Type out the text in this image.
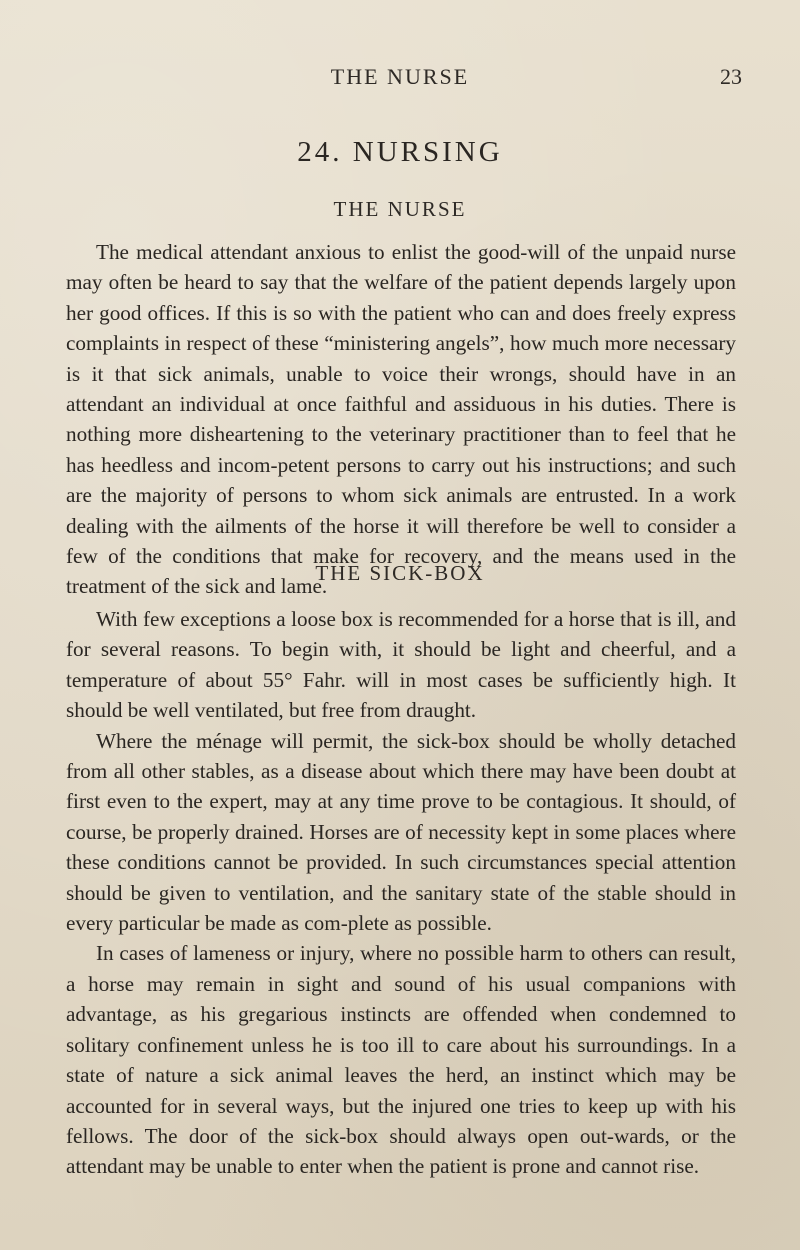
THE NURSE	23
24. NURSING
THE NURSE

The medical attendant anxious to enlist the good-will of the unpaid nurse may often be heard to say that the welfare of the patient depends largely upon her good offices. If this is so with the patient who can and does freely express complaints in respect of these “ministering angels”, how much more necessary is it that sick animals, unable to voice their wrongs, should have in an attendant an individual at once faithful and assiduous in his duties. There is nothing more disheartening to the veterinary practitioner than to feel that he has heedless and incom-petent persons to carry out his instructions; and such are the majority of persons to whom sick animals are entrusted. In a work dealing with the ailments of the horse it will therefore be well to consider a few of the conditions that make for recovery, and the means used in the treatment of the sick and lame.

THE SICK-BOX

With few exceptions a loose box is recommended for a horse that is ill, and for several reasons. To begin with, it should be light and cheerful, and a temperature of about 55° Fahr. will in most cases be sufficiently high. It should be well ventilated, but free from draught.

Where the ménage will permit, the sick-box should be wholly detached from all other stables, as a disease about which there may have been doubt at first even to the expert, may at any time prove to be contagious. It should, of course, be properly drained. Horses are of necessity kept in some places where these conditions cannot be provided. In such circumstances special attention should be given to ventilation, and the sanitary state of the stable should in every particular be made as com-plete as possible.

In cases of lameness or injury, where no possible harm to others can result, a horse may remain in sight and sound of his usual companions with advantage, as his gregarious instincts are offended when condemned to solitary confinement unless he is too ill to care about his surroundings. In a state of nature a sick animal leaves the herd, an instinct which may be accounted for in several ways, but the injured one tries to keep up with his fellows. The door of the sick-box should always open out-wards, or the attendant may be unable to enter when the patient is prone and cannot rise.
